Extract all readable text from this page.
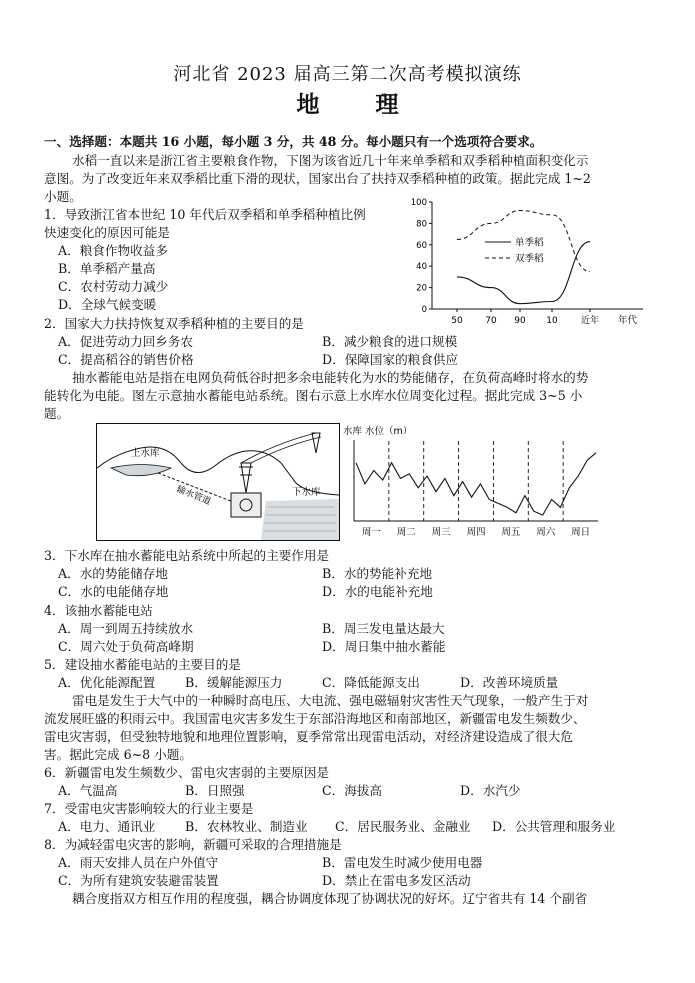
河北省 2023 届高三第二次高考模拟演练
地 理
一、选择题：本题共 16 小题，每小题 3 分，共 48 分。每小题只有一个选项符合要求。
水稻一直以来是浙江省主要粮食作物，下图为该省近几十年来单季稻和双季稻种植面积变化示
意图。为了改变近年来双季稻比重下滑的现状，国家出台了扶持双季稻种植的政策。据此完成 1~2
小题。
1．导致浙江省本世纪 10 年代后双季稻和单季稻种植比例
快速变化的原因可能是
A．粮食作物收益多
B．单季稻产量高
C．农村劳动力减少
D．全球气候变暖	0
20
40
60
80
100
50	70 90 10	近年 年代
单季稻
双季稻
2．国家大力扶持恢复双季稻种植的主要目的是
A．促进劳动力回乡务农	B．减少粮食的进口规模
C．提高稻谷的销售价格	D．保障国家的粮食供应
抽水蓄能电站是指在电网负荷低谷时把多余电能转化为水的势能储存，在负荷高峰时将水的势
能转化为电能。图左示意抽水蓄能电站系统。图右示意上水库水位周变化过程。据此完成 3~5 小
题。
上水库
下水库
输水管道
水库 水位（m）
周一 周二 周三 周四 周五 周六 周日
3．下水库在抽水蓄能电站系统中所起的主要作用是
A．水的势能储存地	B．水的势能补充地
C．水的电能储存地	D．水的电能补充地
4．该抽水蓄能电站
A．周一到周五持续放水	B．周三发电量达最大
C．周六处于负荷高峰期	D．周日集中抽水蓄能
5．建设抽水蓄能电站的主要目的是
A．优化能源配置 B．缓解能源压力	C．降低能源支出	D．改善环境质量
雷电是发生于大气中的一种瞬时高电压、大电流、强电磁辐射灾害性天气现象，一般产生于对
流发展旺盛的积雨云中。我国雷电灾害多发生于东部沿海地区和南部地区，新疆雷电发生频数少、
雷电灾害弱，但受独特地貌和地理位置影响，夏季常常出现雷电活动，对经济建设造成了很大危
害。据此完成 6~8 小题。
6．新疆雷电发生频数少、雷电灾害弱的主要原因是
A．气温高	B．日照强	C．海拔高	D．水汽少
7．受雷电灾害影响较大的行业主要是
A．电力、通讯业 B．农林牧业、制造业 C．居民服务业、金融业 D．公共管理和服务业
8．为减轻雷电灾害的影响，新疆可采取的合理措施是
A．雨天安排人员在户外值守	B．雷电发生时减少使用电器
C．为所有建筑安装避雷装置	D．禁止在雷电多发区活动
耦合度指双方相互作用的程度强，耦合协调度体现了协调状况的好坏。辽宁省共有 14 个副省
